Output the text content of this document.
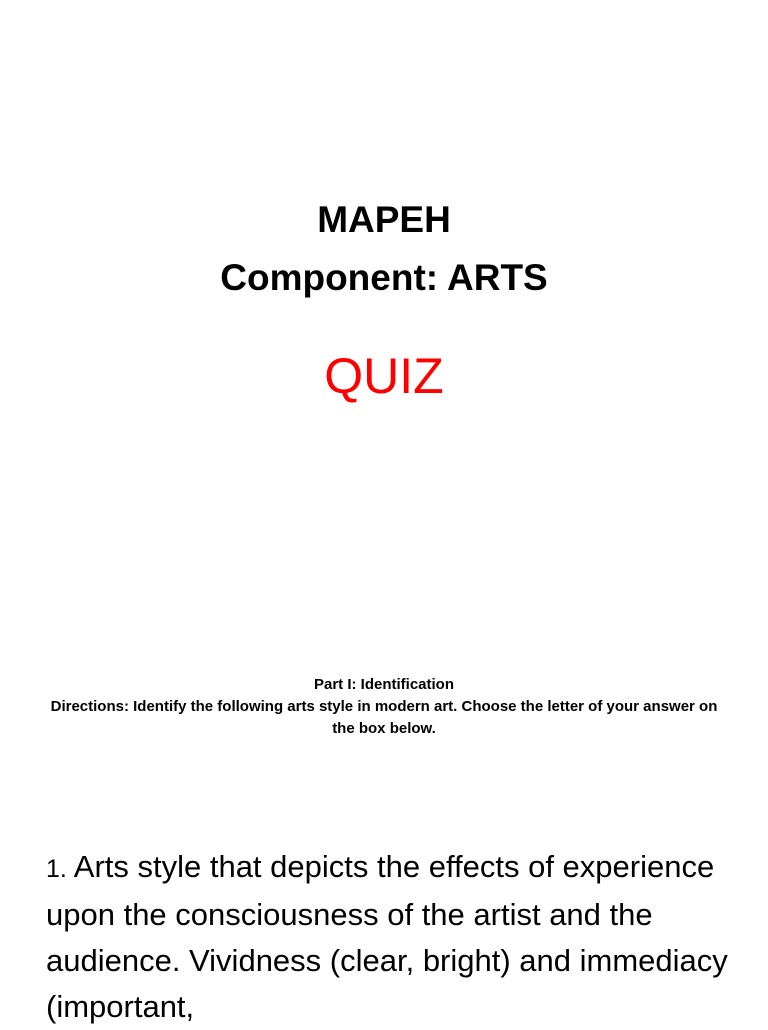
MAPEH
Component: ARTS
QUIZ
Part I: Identification
Directions: Identify the following arts style in modern art. Choose the letter of your answer on the box below.
1. Arts style that depicts the effects of experience upon the consciousness of the artist and the audience. Vividness (clear, bright) and immediacy (important,
